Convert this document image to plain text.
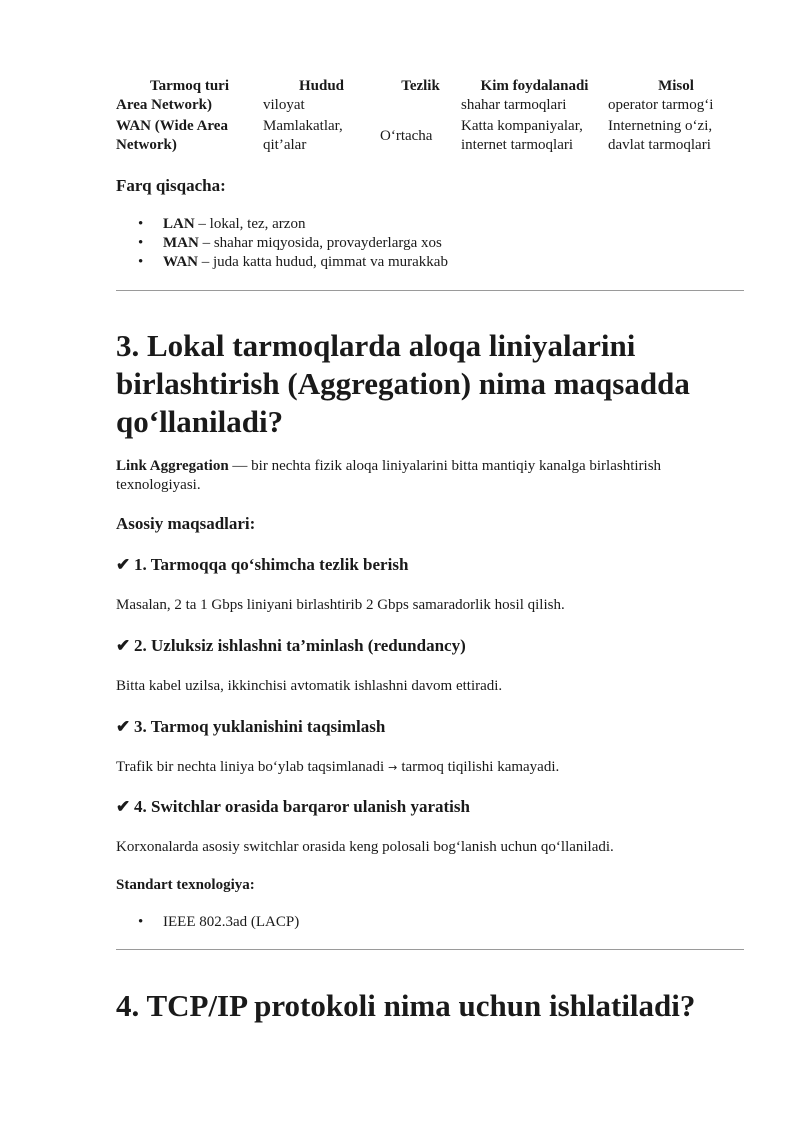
Tarmoq turi	Hudud	Tezlik	Kim foydalanadi	Misol
Area Network)	viloyat		shahar tarmoqlari	operator tarmog‘i
WAN (Wide Area Network)	Mamlakatlar, qit’alar	O‘rtacha	Katta kompaniyalar, internet tarmoqlari	Internetning o‘zi, davlat tarmoqlari
Farq qisqacha:
• LAN – lokal, tez, arzon
• MAN – shahar miqyosida, provayderlarga xos
• WAN – juda katta hudud, qimmat va murakkab
3. Lokal tarmoqlarda aloqa liniyalarini birlashtirish (Aggregation) nima maqsadda qo‘llaniladi?

Link Aggregation — bir nechta fizik aloqa liniyalarini bitta mantiqiy kanalga birlashtirish texnologiyasi.

Asosiy maqsadlari:
✔ 1. Tarmoqqa qo‘shimcha tezlik berish

Masalan, 2 ta 1 Gbps liniyani birlashtirib 2 Gbps samaradorlik hosil qilish.

✔ 2. Uzluksiz ishlashni ta’minlash (redundancy)

Bitta kabel uzilsa, ikkinchisi avtomatik ishlashni davom ettiradi.

✔ 3. Tarmoq yuklanishini taqsimlash

Trafik bir nechta liniya bo‘ylab taqsimlanadi → tarmoq tiqilishi kamayadi.

✔ 4. Switchlar orasida barqaror ulanish yaratish

Korxonalarda asosiy switchlar orasida keng polosali bog‘lanish uchun qo‘llaniladi.

Standart texnologiya:
• IEEE 802.3ad (LACP)
4. TCP/IP protokoli nima uchun ishlatiladi?
